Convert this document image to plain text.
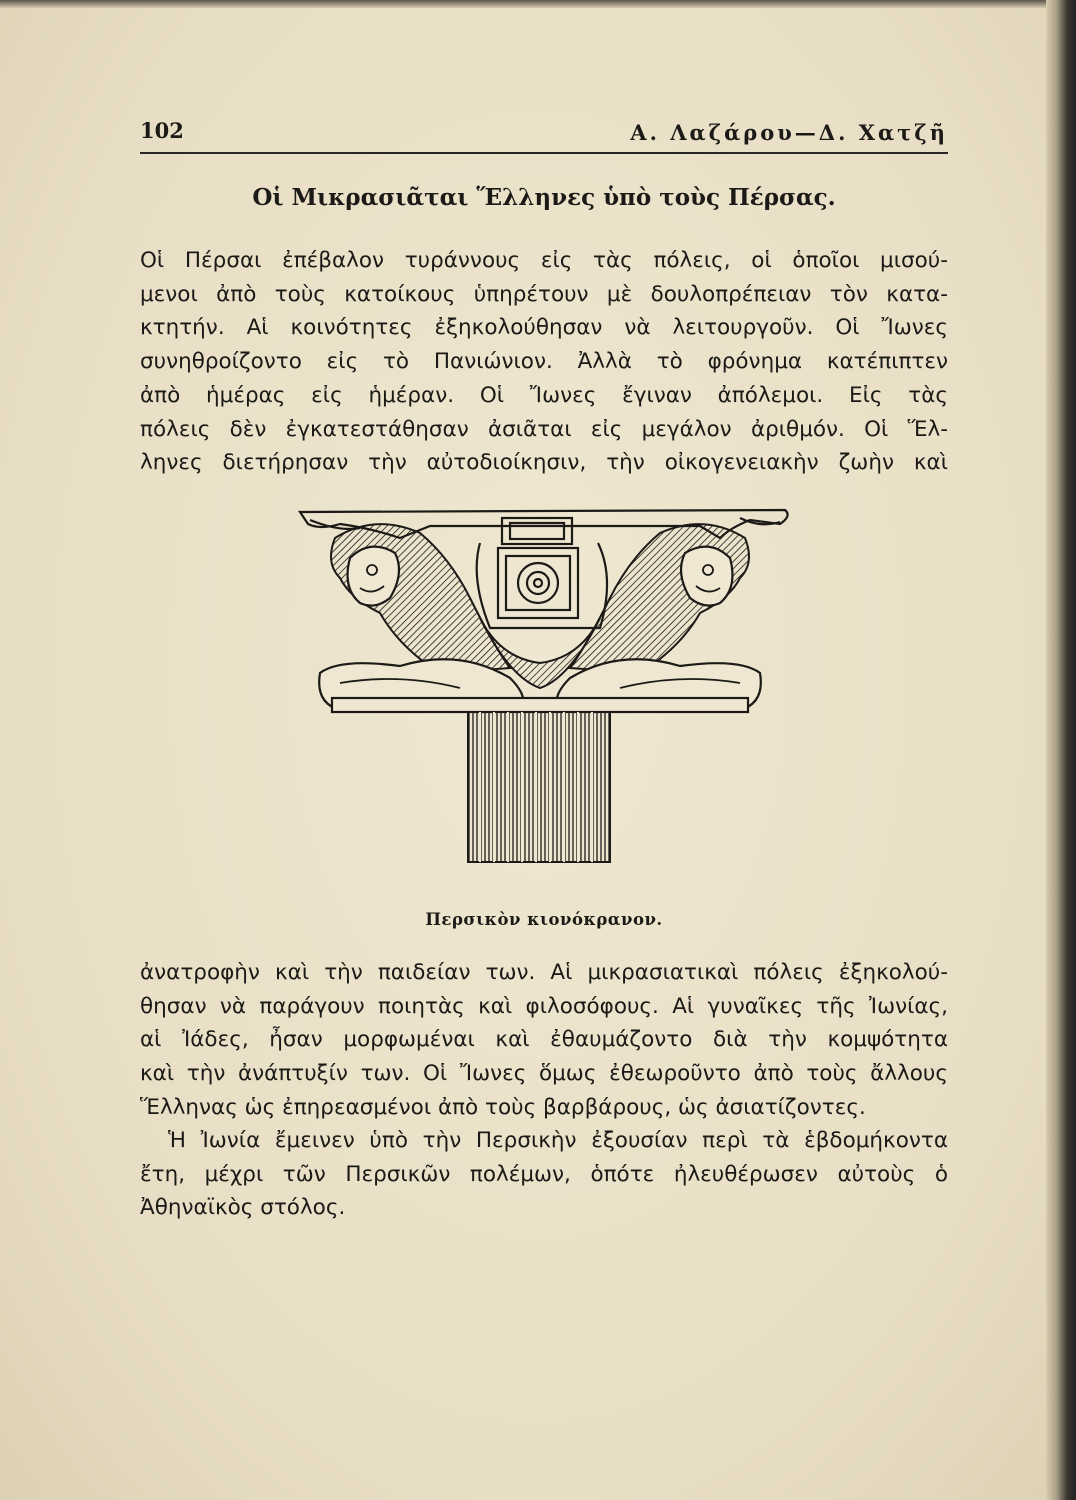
102	Α. Λαζάρου—Δ. Χατζῆ
Οἱ Μικρασιᾶται Ἕλληνες ὑπὸ τοὺς Πέρσας.

Οἱ Πέρσαι ἐπέβαλον τυράννους εἰς τὰς πόλεις, οἱ ὁποῖοι μισού-
μενοι ἀπὸ τοὺς κατοίκους ὑπηρέτουν μὲ δουλοπρέπειαν τὸν κατα-
κτητήν. Αἱ κοινότητες ἐξηκολούθησαν νὰ λειτουργοῦν. Οἱ Ἴωνες
συνηθροίζοντο εἰς τὸ Πανιώνιον. Ἀλλὰ τὸ φρόνημα κατέπιπτεν
ἀπὸ ἡμέρας εἰς ἡμέραν. Οἱ Ἴωνες ἔγιναν ἀπόλεμοι. Εἰς τὰς
πόλεις δὲν ἐγκατεστάθησαν ἀσιᾶται εἰς μεγάλον ἀριθμόν. Οἱ Ἕλ-
ληνες διετήρησαν τὴν αὐτοδιοίκησιν, τὴν οἰκογενειακὴν ζωὴν καὶ

Περσικὸν κιονόκρανον.

ἀνατροφὴν καὶ τὴν παιδείαν των. Αἱ μικρασιατικαὶ πόλεις ἐξηκολού-
θησαν νὰ παράγουν ποιητὰς καὶ φιλοσόφους. Αἱ γυναῖκες τῆς Ἰωνίας,
αἱ Ἰάδες, ἦσαν μορφωμέναι καὶ ἐθαυμάζοντο διὰ τὴν κομψότητα
καὶ τὴν ἀνάπτυξίν των. Οἱ Ἴωνες ὅμως ἐθεωροῦντο ἀπὸ τοὺς ἄλλους
Ἕλληνας ὡς ἐπηρεασμένοι ἀπὸ τοὺς βαρβάρους, ὡς ἀσιατίζοντες.

Ἡ Ἰωνία ἔμεινεν ὑπὸ τὴν Περσικὴν ἐξουσίαν περὶ τὰ ἑβδομήκοντα
ἔτη, μέχρι τῶν Περσικῶν πολέμων, ὁπότε ἠλευθέρωσεν αὐτοὺς ὁ
Ἀθηναϊκὸς στόλος.
